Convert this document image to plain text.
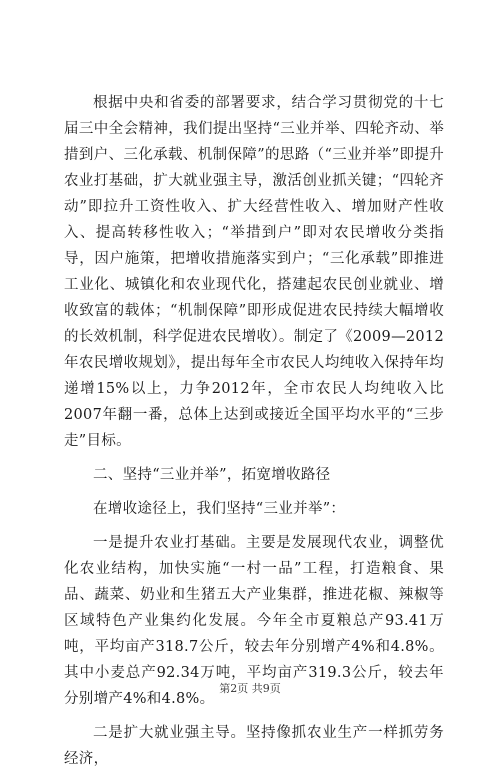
根据中央和省委的部署要求，结合学习贯彻党的十七届三中全会精神，我们提出坚持“三业并举、四轮齐动、举措到户、三化承载、机制保障”的思路（“三业并举”即提升农业打基础，扩大就业强主导，激活创业抓关键；“四轮齐动”即拉升工资性收入、扩大经营性收入、增加财产性收入、提高转移性收入；“举措到户”即对农民增收分类指导，因户施策，把增收措施落实到户；“三化承载”即推进工业化、城镇化和农业现代化，搭建起农民创业就业、增收致富的载体；“机制保障”即形成促进农民持续大幅增收的长效机制，科学促进农民增收）。制定了《2009—2012年农民增收规划》，提出每年全市农民人均纯收入保持年均递增15%以上，力争2012年，全市农民人均纯收入比2007年翻一番，总体上达到或接近全国平均水平的“三步走”目标。

二、坚持“三业并举”，拓宽增收路径

在增收途径上，我们坚持“三业并举”：

一是提升农业打基础。主要是发展现代农业，调整优化农业结构，加快实施“一村一品”工程，打造粮食、果品、蔬菜、奶业和生猪五大产业集群，推进花椒、辣椒等区域特色产业集约化发展。今年全市夏粮总产93.41万吨，平均亩产318.7公斤，较去年分别增产4%和4.8%。其中小麦总产92.34万吨，平均亩产319.3公斤，较去年分别增产4%和4.8%。

二是扩大就业强主导。坚持像抓农业生产一样抓劳务经济，

第2页 共9页
